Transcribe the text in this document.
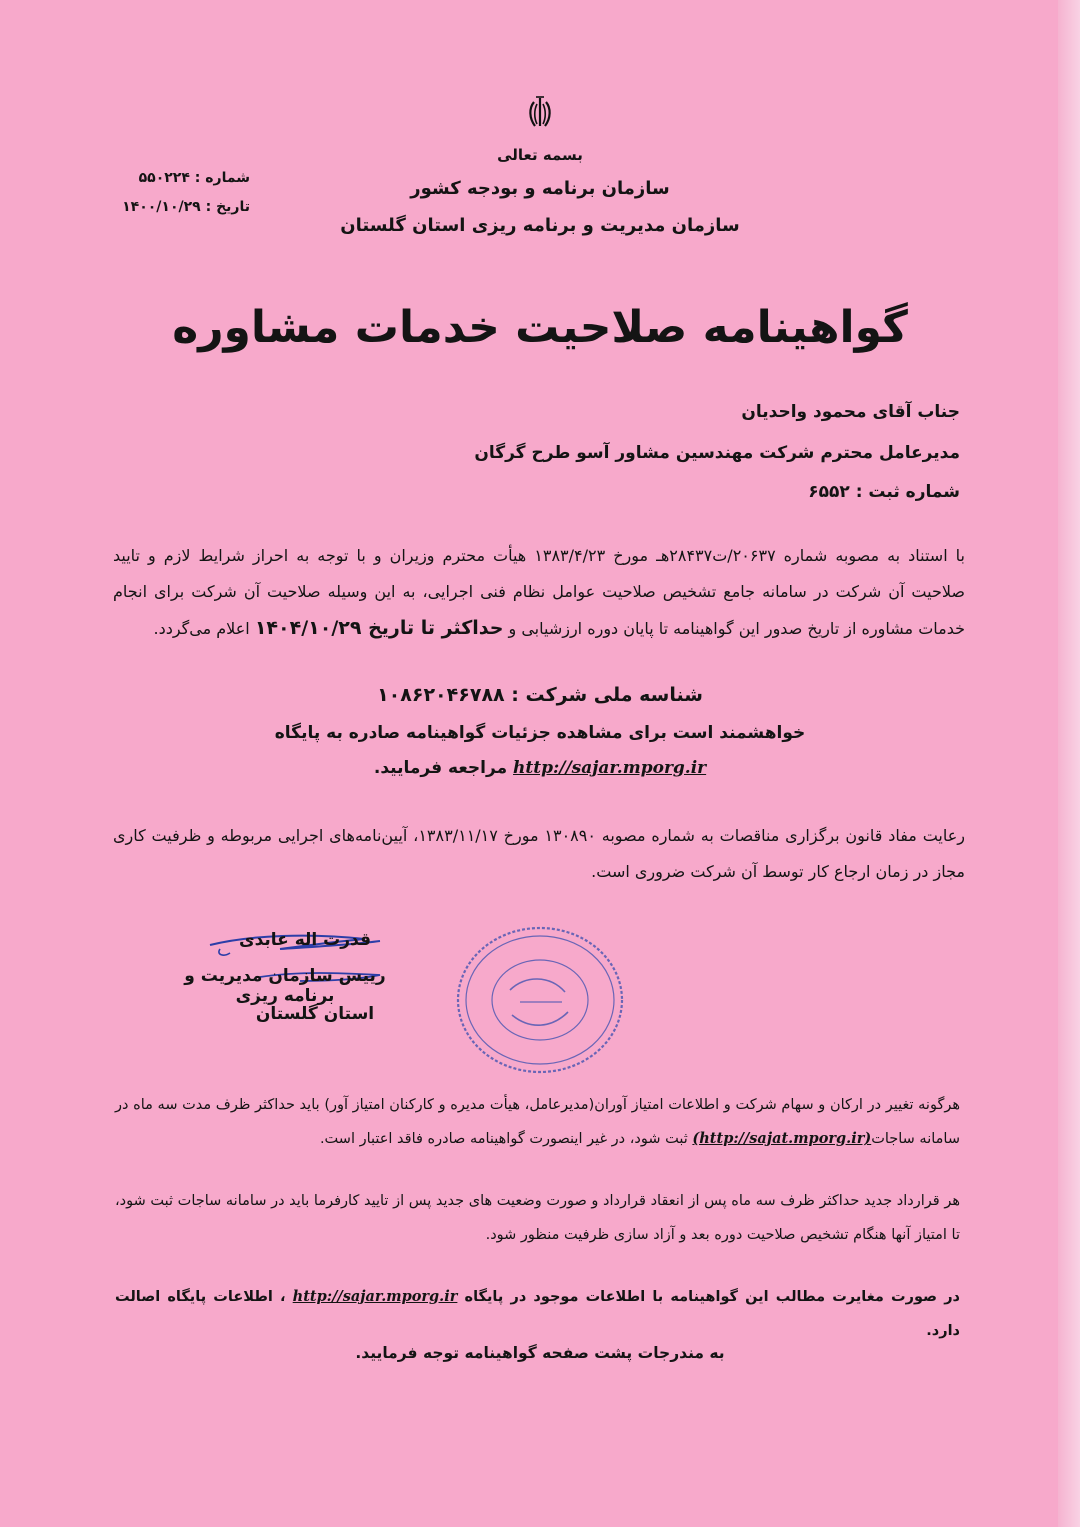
بسمه تعالی
سازمان برنامه و بودجه کشور
سازمان مدیریت و برنامه ریزی استان گلستان
شماره : ۵۵۰۲۲۴
تاریخ : ۱۴۰۰/۱۰/۲۹
گواهینامه صلاحیت خدمات مشاوره
جناب آقای محمود واحدیان
مدیرعامل محترم شرکت مهندسین مشاور آسو طرح گرگان
شماره ثبت : ۶۵۵۲
با استناد به مصوبه شماره ۲۰۶۳۷/ت۲۸۴۳۷هـ مورخ ۱۳۸۳/۴/۲۳ هیأت محترم وزیران و با توجه به احراز شرایط لازم و تایید صلاحیت آن شرکت در سامانه جامع تشخیص صلاحیت عوامل نظام فنی اجرایی، به این وسیله صلاحیت آن شرکت برای انجام خدمات مشاوره از تاریخ صدور این گواهینامه تا پایان دوره ارزشیابی و حداکثر تا تاریخ ۱۴۰۴/۱۰/۲۹ اعلام می‌گردد.
شناسه ملی شرکت : ۱۰۸۶۲۰۴۶۷۸۸
خواهشمند است برای مشاهده جزئیات گواهینامه صادره به پایگاه
http://sajar.mporg.ir مراجعه فرمایید.
رعایت مفاد قانون برگزاری مناقصات به شماره مصوبه ۱۳۰۸۹۰ مورخ ۱۳۸۳/۱۱/۱۷، آیین‌نامه‌های اجرایی مربوطه و ظرفیت کاری مجاز در زمان ارجاع کار توسط آن شرکت ضروری است.
قدرت اله عابدی
رییس سازمان مدیریت و برنامه ریزی
استان گلستان
هرگونه تغییر در ارکان و سهام شرکت و اطلاعات امتیاز آوران(مدیرعامل، هیأت مدیره و کارکنان امتیاز آور) باید حداکثر ظرف مدت سه ماه در سامانه ساجات(http://sajat.mporg.ir) ثبت شود، در غیر اینصورت گواهینامه صادره فاقد اعتبار است.
هر قرارداد جدید حداکثر ظرف سه ماه پس از انعقاد قرارداد و صورت وضعیت های جدید پس از تایید کارفرما باید در سامانه ساجات ثبت شود، تا امتیاز آنها هنگام تشخیص صلاحیت دوره بعد و آزاد سازی ظرفیت منظور شود.
در صورت مغایرت مطالب این گواهینامه با اطلاعات موجود در پایگاه http://sajar.mporg.ir ، اطلاعات پایگاه اصالت دارد.
به مندرجات پشت صفحه گواهینامه توجه فرمایید.
